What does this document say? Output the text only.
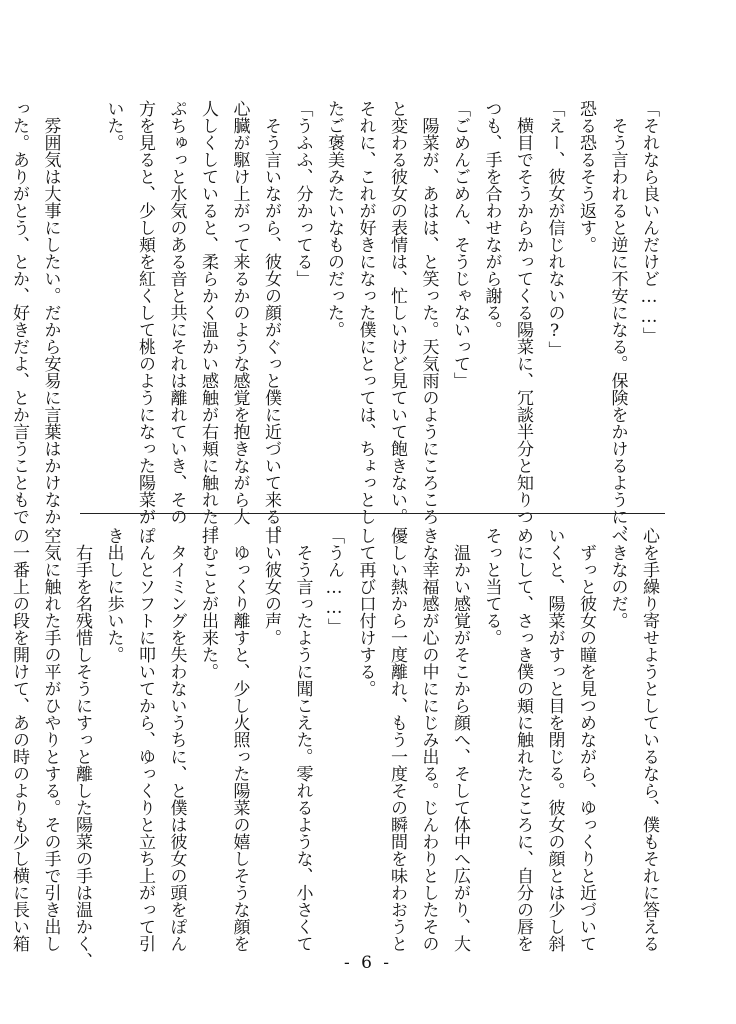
「それなら良いんだけど……」
　そう言われると逆に不安になる。保険をかけるように、
恐る恐るそう返す。
「えー、彼女が信じれないの?」
　横目でそうからかってくる陽菜に、冗談半分と知りつ
つも、手を合わせながら謝る。
「ごめんごめん、そうじゃないって」
　陽菜が、あはは、と笑った。天気雨のようにころころ
と変わる彼女の表情は、忙しいけど見ていて飽きない。
それに、これが好きになった僕にとっては、ちょっとし
たご褒美みたいなものだった。
「うふふ、分かってる」
　そう言いながら、彼女の顔がぐっと僕に近づいて来る。
心臓が駆け上がって来るかのような感覚を抱きながら大
人しくしていると、柔らかく温かい感触が右頬に触れた。
ぷちゅっと水気のある音と共にそれは離れていき、その
方を見ると、少し頬を紅くして桃のようになった陽菜が
いた。

　雰囲気は大事にしたい。だから安易に言葉はかけなか
った。ありがとう、とか、好きだよ、とか言うこともで
心を手繰り寄せようとしているなら、僕もそれに答える
べきなのだ。
　ずっと彼女の瞳を見つめながら、ゆっくりと近づいて
いくと、陽菜がすっと目を閉じる。彼女の顔とは少し斜
めにして、さっき僕の頬に触れたところに、自分の唇を
そっと当てる。
　温かい感覚がそこから顔へ、そして体中へ広がり、大
きな幸福感が心の中ににじみ出る。じんわりとしたその
優しい熱から一度離れ、もう一度その瞬間を味わおうと
して再び口付けする。
「うん……」
　そう言ったように聞こえた。零れるような、小さくて
甘い彼女の声。
　ゆっくり離すと、少し火照った陽菜の嬉しそうな顔を
拝むことが出来た。
　タイミングを失わないうちに、と僕は彼女の頭をぽん
ぽんとソフトに叩いてから、ゆっくりと立ち上がって引
き出しに歩いた。
　右手を名残惜しそうにすっと離した陽菜の手は温かく、
空気に触れた手の平がひやりとする。その手で引き出し
の一番上の段を開けて、あの時のよりも少し横に長い箱
- 6 -
